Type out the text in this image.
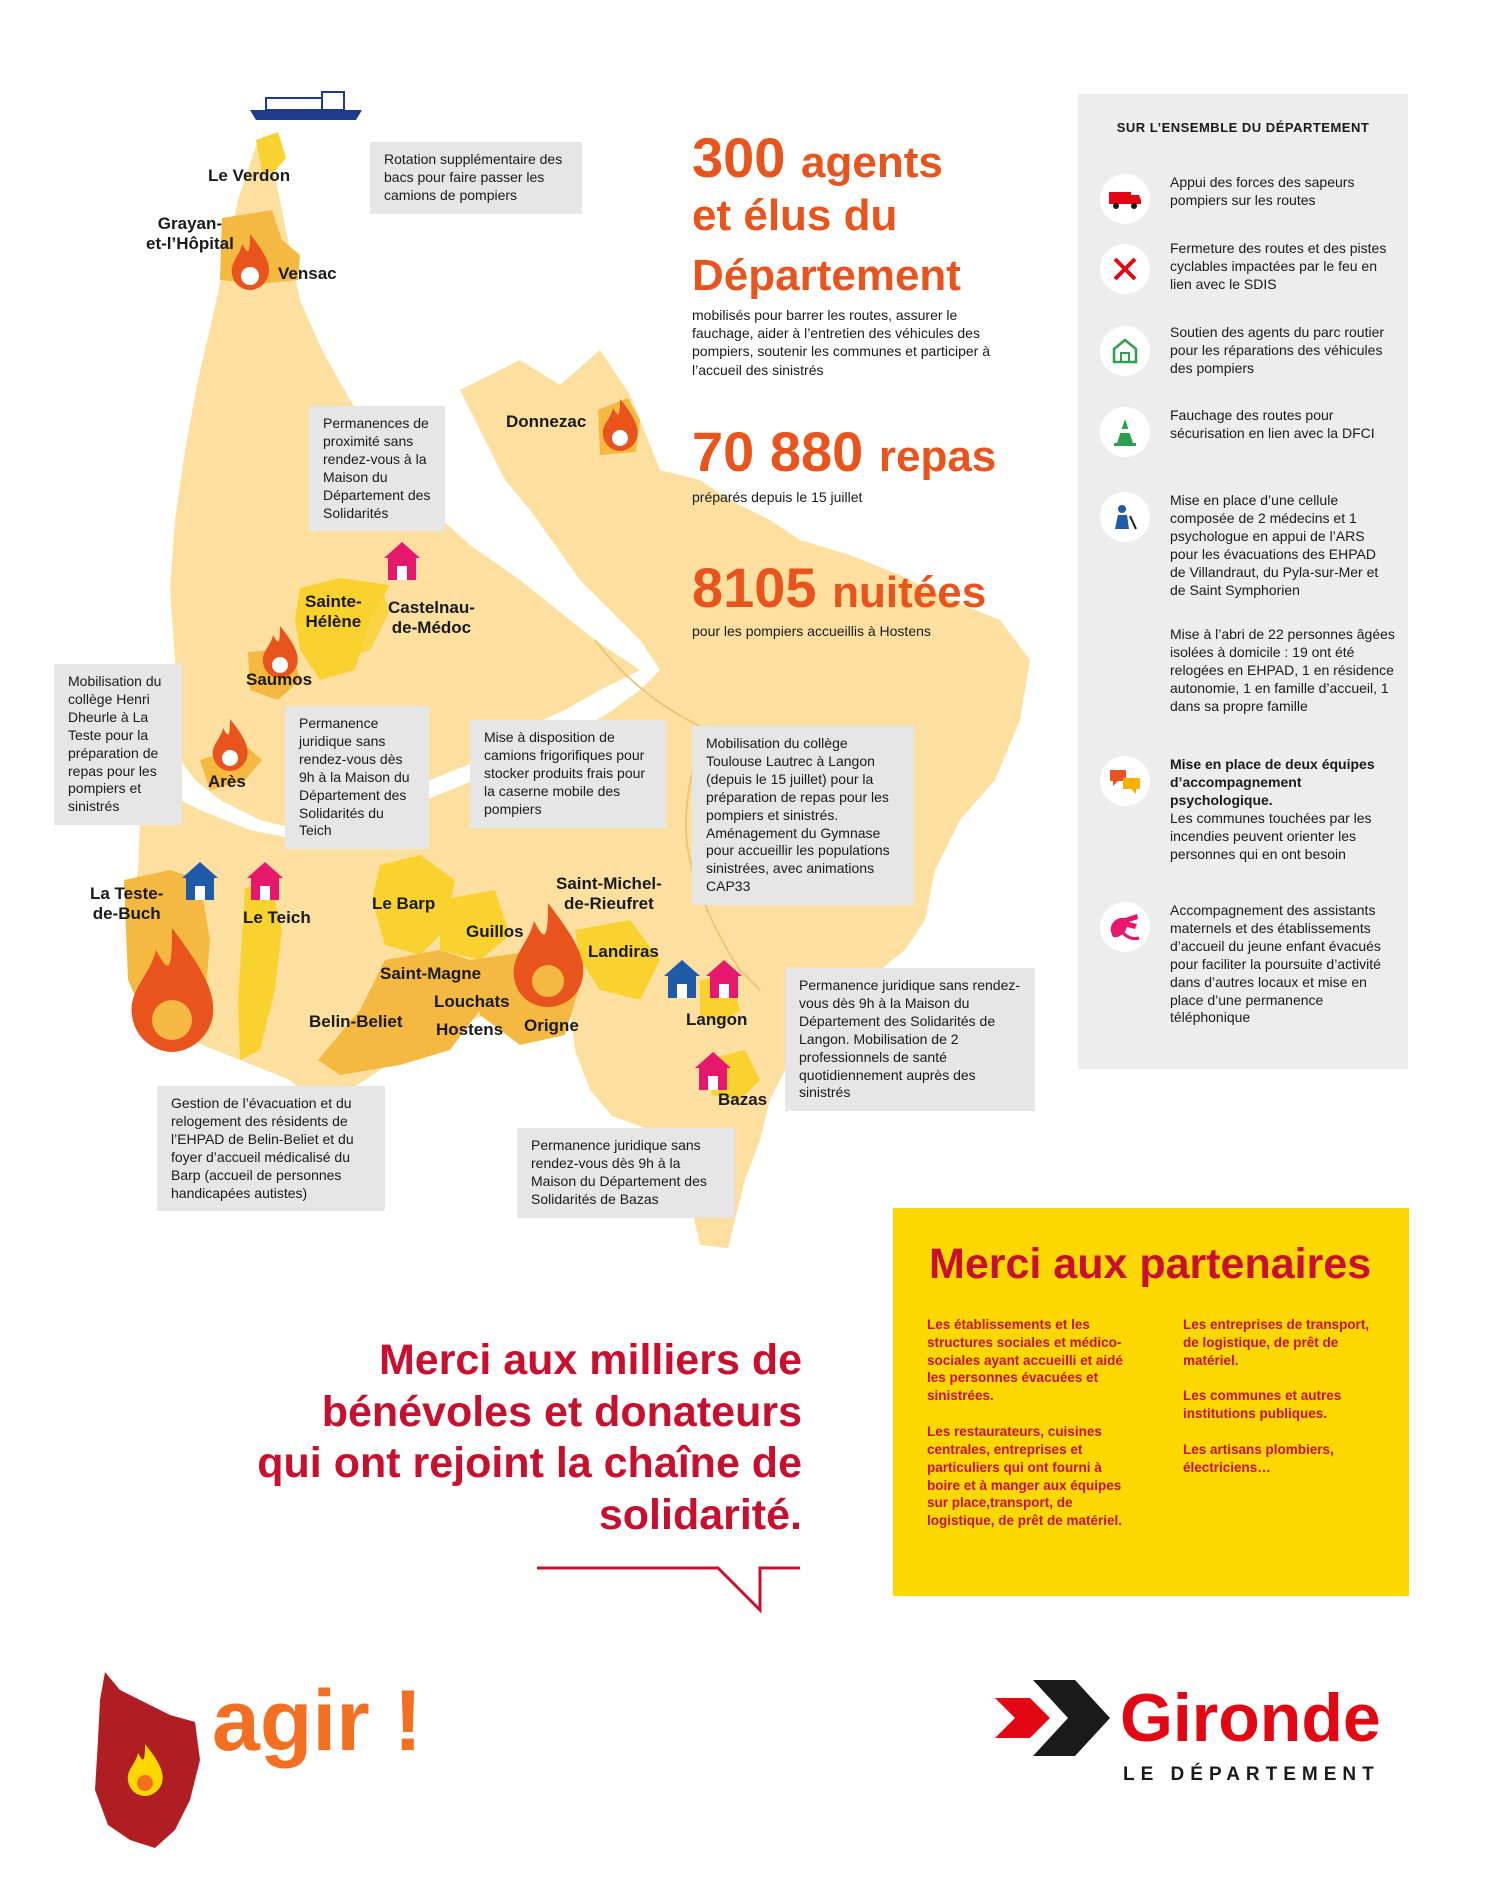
Le Verdon
Grayan-
et-l’Hôpital
Vensac
Donnezac
Sainte-
Hélène
Castelnau-
de-Médoc
Saumos
Arès
La Teste-
de-Buch	Le Teich
Le Barp
Guillos
Saint-Magne
Louchats
Hostens
Belin-Beliet	Origne
Saint-Michel-
de-Rieufret
Landiras
Langon
Bazas
Rotation supplémentaire des bacs pour faire passer les camions de pompiers
Permanences de proximité sans rendez-vous à la Maison du Département des Solidarités
Mobilisation du collège Henri Dheurle à La Teste pour la préparation de repas pour les pompiers et sinistrés
Permanence juridique sans rendez-vous dès 9h à la Maison du Département des Solidarités du Teich
Mise à disposition de camions frigorifiques pour stocker produits frais pour la caserne mobile des pompiers
Mobilisation du collège Toulouse Lautrec à Langon (depuis le 15 juillet) pour la préparation de repas pour les pompiers et sinistrés. Aménagement du Gymnase pour accueillir les populations sinistrées, avec animations CAP33
Permanence juridique sans rendez-vous dès 9h à la Maison du Département des Solidarités de Langon. Mobilisation de 2 professionnels de santé quotidiennement auprès des sinistrés
Gestion de l’évacuation et du relogement des résidents de l’EHPAD de Belin-Beliet et du foyer d’accueil médicalisé du Barp (accueil de personnes handicapées autistes)
Permanence juridique sans rendez-vous dès 9h à la Maison du Département des Solidarités de Bazas
300 agents
et élus du
Département
mobilisés pour barrer les routes, assurer le fauchage, aider à l’entretien des véhicules des pompiers, soutenir les communes et participer à l’accueil des sinistrés
70 880 repas
préparés depuis le 15 juillet
8105 nuitées
pour les pompiers accueillis à Hostens
SUR L’ENSEMBLE DU DÉPARTEMENT
Appui des forces des sapeurs pompiers sur les routes
Fermeture des routes et des pistes cyclables impactées par le feu en lien avec le SDIS
Soutien des agents du parc routier pour les réparations des véhicules des pompiers
Fauchage des routes pour sécurisation en lien avec la DFCI
Mise en place d’une cellule composée de 2 médecins et 1 psychologue en appui de l’ARS pour les évacuations des EHPAD de Villandraut, du Pyla-sur-Mer et de Saint Symphorien
Mise à l’abri de 22 personnes âgées isolées à domicile : 19 ont été relogées en EHPAD, 1 en résidence autonomie, 1 en famille d’accueil, 1 dans sa propre famille
Mise en place de deux équipes d’accompagnement psychologique.
Les communes touchées par les incendies peuvent orienter les personnes qui en ont besoin
Accompagnement des assistants maternels et des établissements d’accueil du jeune enfant évacués pour faciliter la poursuite d’activité dans d’autres locaux et mise en place d’une permanence téléphonique
Merci aux partenaires

Les établissements et les structures sociales et médico-sociales ayant accueilli et aidé les personnes évacuées et sinistrées.

Les restaurateurs, cuisines centrales, entreprises et particuliers qui ont fourni à boire et à manger aux équipes sur place,transport, de logistique, de prêt de matériel.

Les entreprises de transport, de logistique, de prêt de matériel.

Les communes et autres institutions publiques.

Les artisans plombiers, électriciens…

Merci aux milliers de bénévoles et donateurs qui ont rejoint la chaîne de solidarité.
agir !	Gironde
LE DÉPARTEMENT
